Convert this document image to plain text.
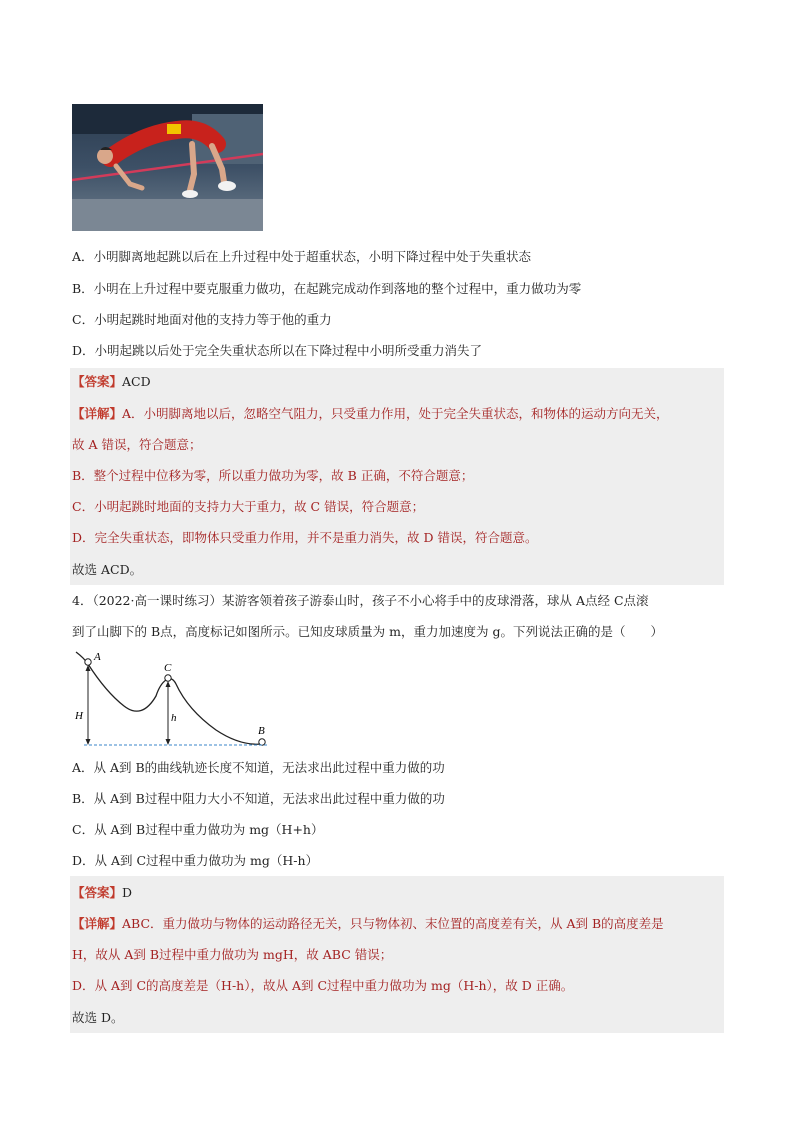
A．小明脚离地起跳以后在上升过程中处于超重状态，小明下降过程中处于失重状态
B．小明在上升过程中要克服重力做功，在起跳完成动作到落地的整个过程中，重力做功为零
C．小明起跳时地面对他的支持力等于他的重力
D．小明起跳以后处于完全失重状态所以在下降过程中小明所受重力消失了
【答案】ACD
【详解】A．小明脚离地以后，忽略空气阻力，只受重力作用，处于完全失重状态，和物体的运动方向无关，
故 A 错误，符合题意；
B．整个过程中位移为零，所以重力做功为零，故 B 正确，不符合题意；
C．小明起跳时地面的支持力大于重力，故 C 错误，符合题意；
D．完全失重状态，即物体只受重力作用，并不是重力消失，故 D 错误，符合题意。
故选 ACD。
4．（2022·高一课时练习）某游客领着孩子游泰山时，孩子不小心将手中的皮球滑落，球从 A点经 C点滚
到了山脚下的 B点，高度标记如图所示。已知皮球质量为 m，重力加速度为 g。下列说法正确的是（　　）
A
C
B
H	h
A．从 A到 B的曲线轨迹长度不知道，无法求出此过程中重力做的功
B．从 A到 B过程中阻力大小不知道，无法求出此过程中重力做的功
C．从 A到 B过程中重力做功为 mg（H+h）
D．从 A到 C过程中重力做功为 mg（H-h）
【答案】D
【详解】ABC．重力做功与物体的运动路径无关，只与物体初、末位置的高度差有关，从 A到 B的高度差是
H，故从 A到 B过程中重力做功为 mgH，故 ABC 错误；
D．从 A到 C的高度差是（H-h），故从 A到 C过程中重力做功为 mg（H-h），故 D 正确。
故选 D。
